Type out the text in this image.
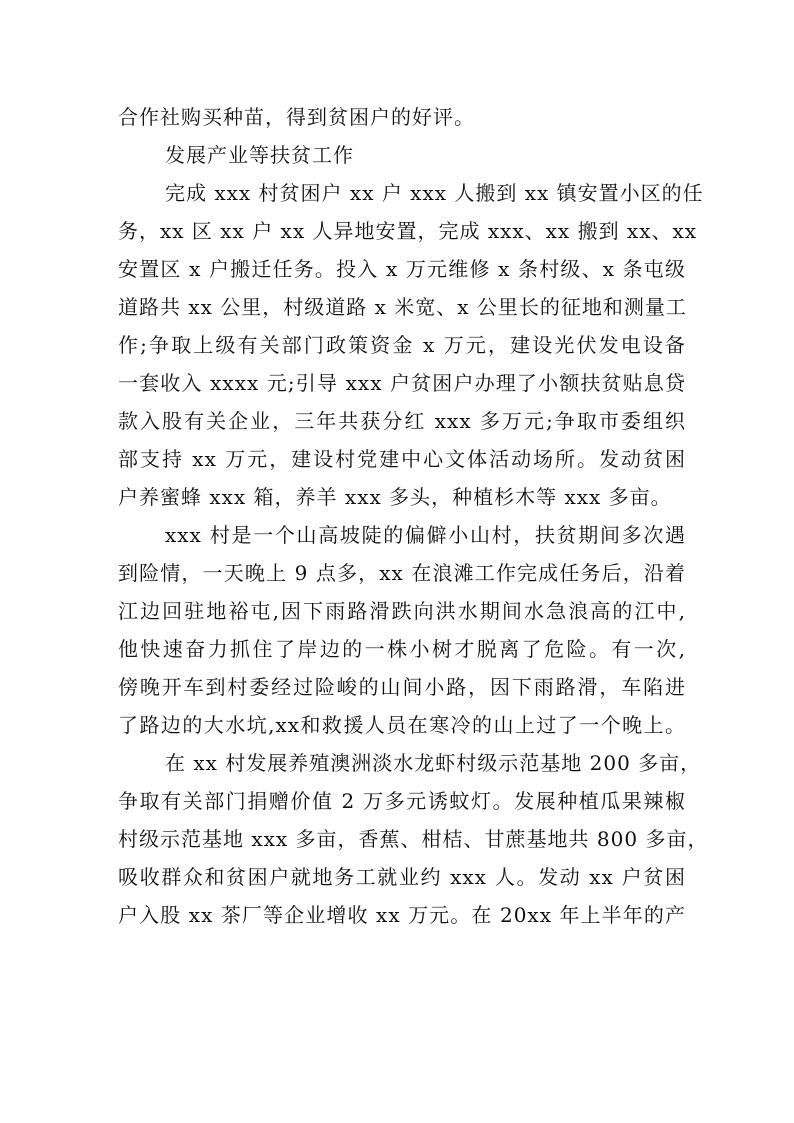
合作社购买种苗，得到贫困户的好评。
发展产业等扶贫工作
完成 xxx 村贫困户 xx 户 xxx 人搬到 xx 镇安置小区的任
务，xx 区 xx 户 xx 人异地安置，完成 xxx、xx 搬到 xx、xx
安置区 x 户搬迁任务。投入 x 万元维修 x 条村级、x 条屯级
道路共 xx 公里，村级道路 x 米宽、x 公里长的征地和测量工
作;争取上级有关部门政策资金 x 万元，建设光伏发电设备
一套收入 xxxx 元;引导 xxx 户贫困户办理了小额扶贫贴息贷
款入股有关企业，三年共获分红 xxx 多万元;争取市委组织
部支持 xx 万元，建设村党建中心文体活动场所。发动贫困
户养蜜蜂 xxx 箱，养羊 xxx 多头，种植杉木等 xxx 多亩。
xxx 村是一个山高坡陡的偏僻小山村，扶贫期间多次遇
到险情，一天晚上 9 点多，xx 在浪滩工作完成任务后，沿着
江边回驻地裕屯,因下雨路滑跌向洪水期间水急浪高的江中,
他快速奋力抓住了岸边的一株小树才脱离了危险。有一次,
傍晚开车到村委经过险峻的山间小路，因下雨路滑，车陷进
了路边的大水坑,xx和救援人员在寒冷的山上过了一个晚上。
在 xx 村发展养殖澳洲淡水龙虾村级示范基地 200 多亩，
争取有关部门捐赠价值 2 万多元诱蚊灯。发展种植瓜果辣椒
村级示范基地 xxx 多亩，香蕉、柑桔、甘蔗基地共 800 多亩，
吸收群众和贫困户就地务工就业约 xxx 人。发动 xx 户贫困
户入股 xx 茶厂等企业增收 xx 万元。在 20xx 年上半年的产
